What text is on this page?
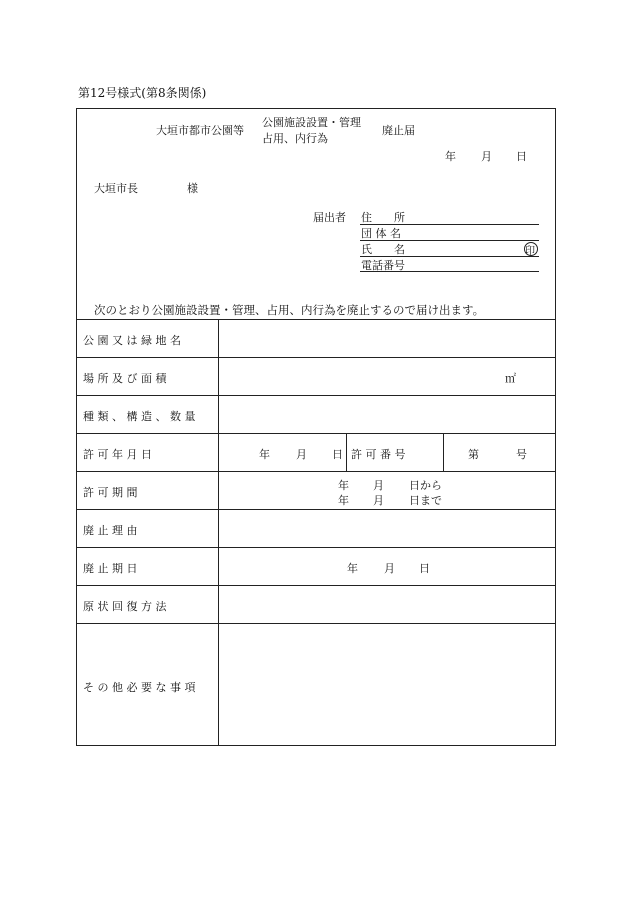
第12号様式(第8条関係)
大垣市都市公園等
公園施設設置・管理
占用、内行為
廃止届
年 月 日
大垣市長	様
届出者 住　　所
団 体 名
氏　　名	印
電話番号
次のとおり公園施設設置・管理、占用、内行為を廃止するので届け出ます。
公 園 又 は 緑 地 名
場 所 及 び 面 積	㎡
種 類 、 構 造 、 数 量
許 可 年 月 日	年 月 日 許 可 番 号	第	号
許 可 期 間
年 月 日から
年 月 日まで
廃 止 理 由
廃 止 期 日	年 月 日
原 状 回 復 方 法
そ の 他 必 要 な 事 項
